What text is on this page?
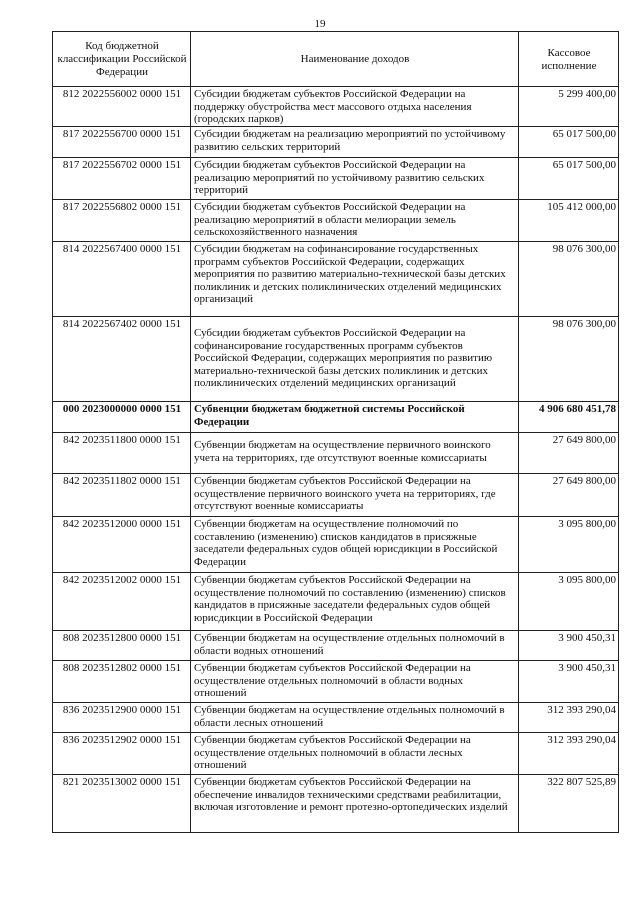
19
Код бюджетной классификации Российской Федерации	Наименование доходов	Кассовое исполнение
812 2022556002 0000 151	Субсидии бюджетам субъектов Российской Федерации на поддержку обустройства мест массового отдыха населения (городских парков)	5 299 400,00
817 2022556700 0000 151	Субсидии бюджетам на реализацию мероприятий по устойчивому развитию сельских территорий	65 017 500,00
817 2022556702 0000 151	Субсидии бюджетам субъектов Российской Федерации на реализацию мероприятий по устойчивому развитию сельских территорий	65 017 500,00
817 2022556802 0000 151	Субсидии бюджетам субъектов Российской Федерации на реализацию мероприятий в области мелиорации земель сельскохозяйственного назначения	105 412 000,00
814 2022567400 0000 151	Субсидии бюджетам на софинансирование государственных программ субъектов Российской Федерации, содержащих мероприятия по развитию материально-технической базы детских поликлиник и детских поликлинических отделений медицинских организаций	98 076 300,00
814 2022567402 0000 151	Субсидии бюджетам субъектов Российской Федерации на софинансирование государственных программ субъектов Российской Федерации, содержащих мероприятия по развитию материально-технической базы детских поликлиник и детских поликлинических отделений медицинских организаций	98 076 300,00
000 2023000000 0000 151	Субвенции бюджетам бюджетной системы Российской Федерации	4 906 680 451,78
842 2023511800 0000 151	Субвенции бюджетам на осуществление первичного воинского учета на территориях, где отсутствуют военные комиссариаты	27 649 800,00
842 2023511802 0000 151	Субвенции бюджетам субъектов Российской Федерации на осуществление первичного воинского учета на территориях, где отсутствуют военные комиссариаты	27 649 800,00
842 2023512000 0000 151	Субвенции бюджетам на осуществление полномочий по составлению (изменению) списков кандидатов в присяжные заседатели федеральных судов общей юрисдикции в Российской Федерации	3 095 800,00
842 2023512002 0000 151	Субвенции бюджетам субъектов Российской Федерации на осуществление полномочий по составлению (изменению) списков кандидатов в присяжные заседатели федеральных судов общей юрисдикции в Российской Федерации	3 095 800,00
808 2023512800 0000 151	Субвенции бюджетам на осуществление отдельных полномочий в области водных отношений	3 900 450,31
808 2023512802 0000 151	Субвенции бюджетам субъектов Российской Федерации на осуществление отдельных полномочий в области водных отношений	3 900 450,31
836 2023512900 0000 151	Субвенции бюджетам на осуществление отдельных полномочий в области лесных отношений	312 393 290,04
836 2023512902 0000 151	Субвенции бюджетам субъектов Российской Федерации на осуществление отдельных полномочий в области лесных отношений	312 393 290,04
821 2023513002 0000 151	Субвенции бюджетам субъектов Российской Федерации на обеспечение инвалидов техническими средствами реабилитации, включая изготовление и ремонт протезно-ортопедических изделий	322 807 525,89
